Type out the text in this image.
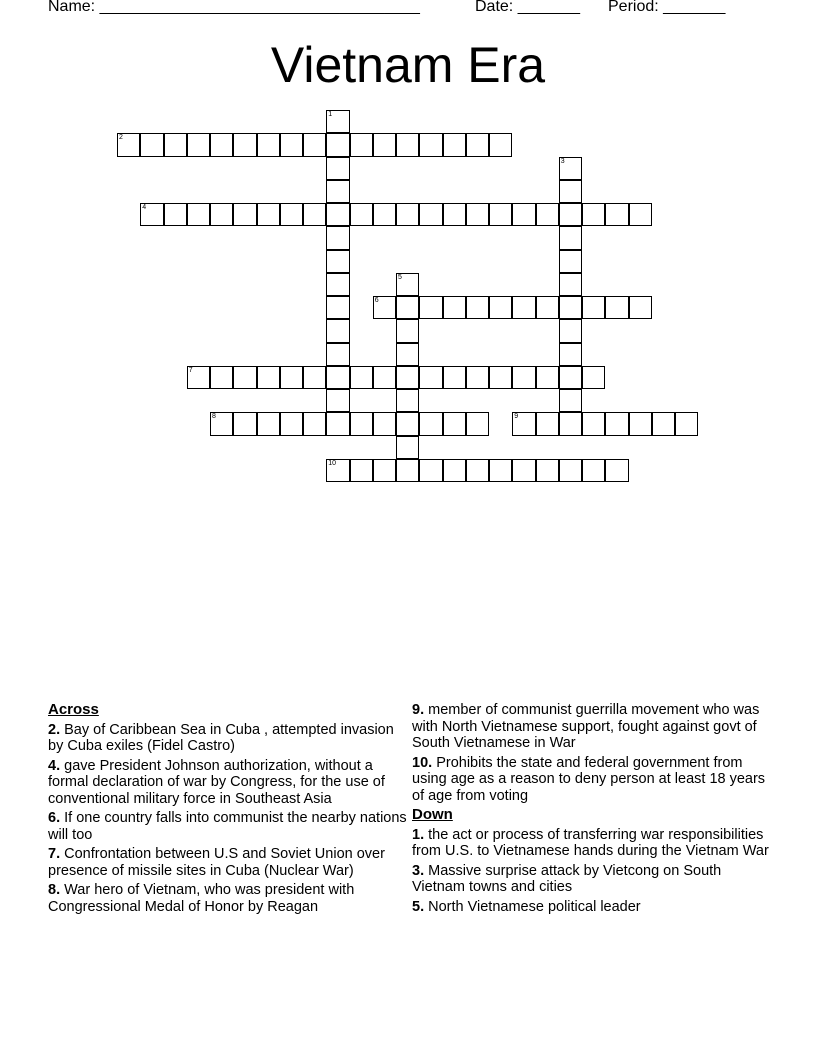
Name: ____________________________________	Date: _______ Period: _______
Vietnam Era
1
2
3
4
5
6
7
8	9
10
Across
2. Bay of Caribbean Sea in Cuba , attempted invasion by Cuba exiles (Fidel Castro)
4. gave President Johnson authorization, without a formal declaration of war by Congress, for the use of conventional military force in Southeast Asia
6. If one country falls into communist the nearby nations will too
7. Confrontation between U.S and Soviet Union over presence of missile sites in Cuba (Nuclear War)
8. War hero of Vietnam, who was president with Congressional Medal of Honor by Reagan
9. member of communist guerrilla movement who was with North Vietnamese support, fought against govt of South Vietnamese in War
10. Prohibits the state and federal government from using age as a reason to deny person at least 18 years of age from voting
Down
1. the act or process of transferring war responsibilities from U.S. to Vietnamese hands during the Vietnam War
3. Massive surprise attack by Vietcong on South Vietnam towns and cities
5. North Vietnamese political leader
